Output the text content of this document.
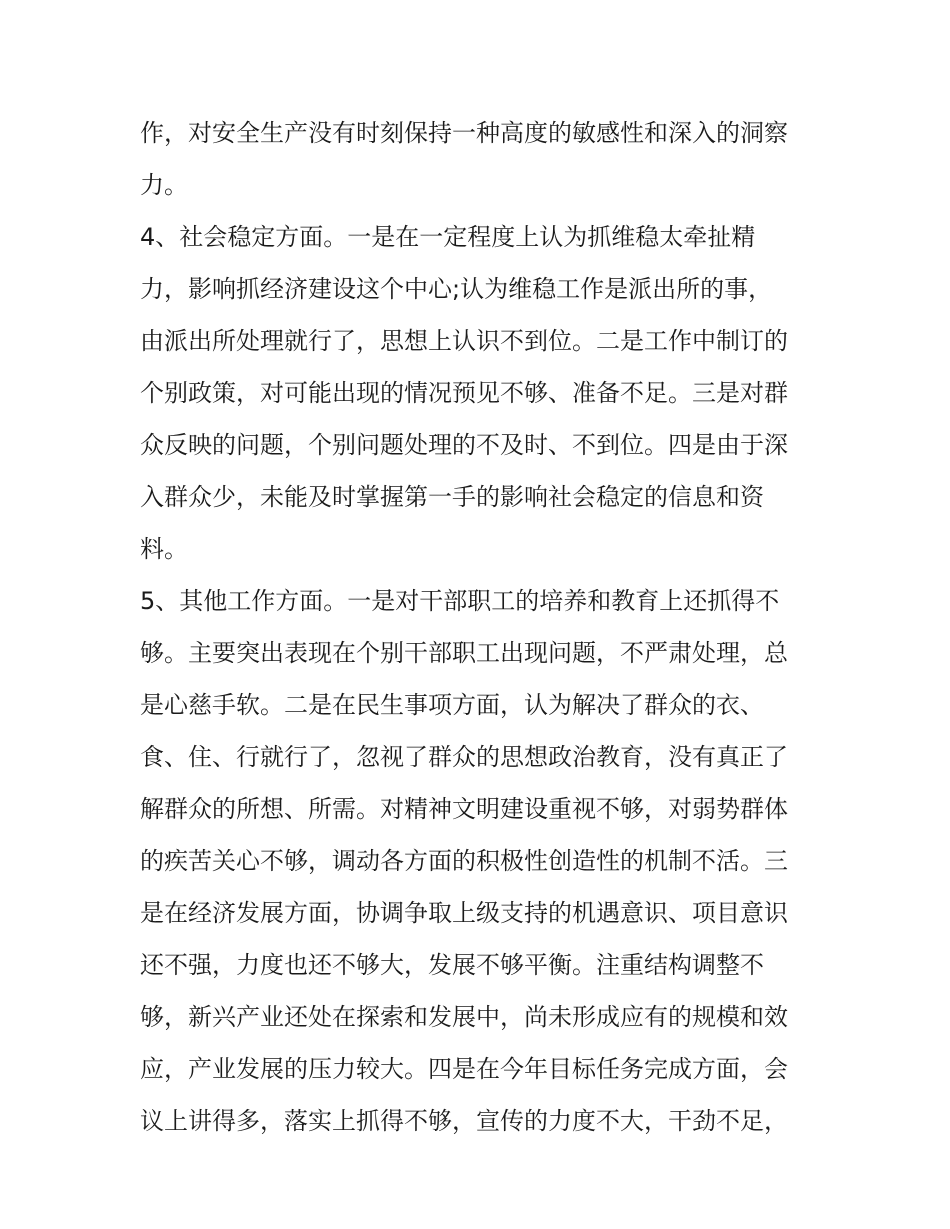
作，对安全生产没有时刻保持一种高度的敏感性和深入的洞察
力。
4、社会稳定方面。一是在一定程度上认为抓维稳太牵扯精
力，影响抓经济建设这个中心;认为维稳工作是派出所的事，
由派出所处理就行了，思想上认识不到位。二是工作中制订的
个别政策，对可能出现的情况预见不够、准备不足。三是对群
众反映的问题，个别问题处理的不及时、不到位。四是由于深
入群众少，未能及时掌握第一手的影响社会稳定的信息和资
料。
5、其他工作方面。一是对干部职工的培养和教育上还抓得不
够。主要突出表现在个别干部职工出现问题，不严肃处理，总
是心慈手软。二是在民生事项方面，认为解决了群众的衣、
食、住、行就行了，忽视了群众的思想政治教育，没有真正了
解群众的所想、所需。对精神文明建设重视不够，对弱势群体
的疾苦关心不够，调动各方面的积极性创造性的机制不活。三
是在经济发展方面，协调争取上级支持的机遇意识、项目意识
还不强，力度也还不够大，发展不够平衡。注重结构调整不
够，新兴产业还处在探索和发展中，尚未形成应有的规模和效
应，产业发展的压力较大。四是在今年目标任务完成方面，会
议上讲得多，落实上抓得不够，宣传的力度不大，干劲不足，
